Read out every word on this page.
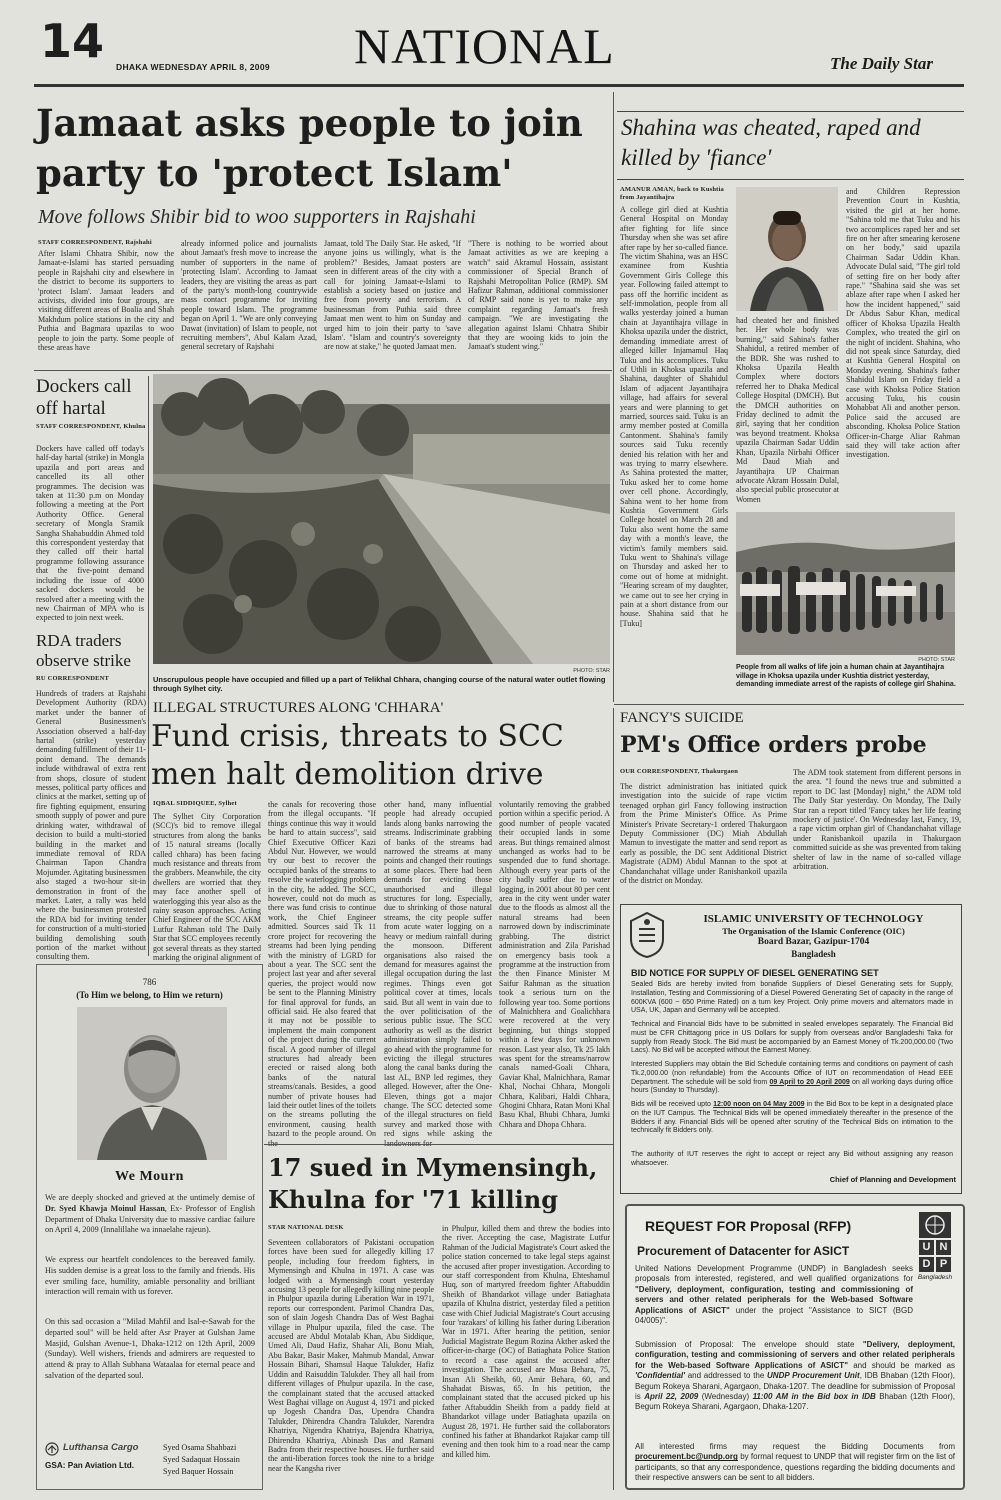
14 DHAKA WEDNESDAY APRIL 8, 2009 NATIONAL	The Daily Star
Jamaat asks people to join party to 'protect Islam'
Move follows Shibir bid to woo supporters in Rajshahi
STAFF CORRESPONDENT, Rajshahi
After Islami Chhatra Shibir, now the Jamaat-e-Islami has started persuading people in Rajshahi city and elsewhere in the district to become its supporters to 'protect Islam'. Jamaat leaders and activists, divided into four groups, are visiting different areas of Boalia and Shah Makhdum police stations in the city and Puthia and Bagmara upazilas to woo people to join the party. Some people of these areas have
already informed police and journalists about Jamaat's fresh move to increase the number of supporters in the name of 'protecting Islam'. According to Jamaat leaders, they are visiting the areas as part of the party's month-long countrywide mass contact programme for inviting people toward Islam. The programme began on April 1. "We are only conveying Dawat (invitation) of Islam to people, not recruiting members", Abul Kalam Azad, general secretary of Rajshahi
Jamaat, told The Daily Star. He asked, "If anyone joins us willingly, what is the problem?" Besides, Jamaat posters are seen in different areas of the city with a call for joining Jamaat-e-Islami to establish a society based on justice and free from poverty and terrorism. A businessman from Puthia said three Jamaat men went to him on Sunday and urged him to join their party to 'save Islam'. "Islam and country's sovereignty are now at stake," he quoted Jamaat men.
"There is nothing to be worried about Jamaat activities as we are keeping a watch" said Akramul Hossain, assistant commissioner of Special Branch of Rajshahi Metropolitan Police (RMP). SM Hafizur Rahman, additional commissioner of RMP said none is yet to make any complaint regarding Jamaat's fresh campaign. "We are investigating the allegation against Islami Chhatra Shibir that they are wooing kids to join the Jamaat's student wing."
Shahina was cheated, raped and killed by 'fiance'
AMANUR AMAN, back to Kushtia from Jayantihajra
A college girl died at Kushtia General Hospital on Monday after fighting for life since Thursday when she was set afire after rape by her so-called fiance. The victim Shahina, was an HSC examinee from Kushtia Government Girls College this year. Following failed attempt to pass off the horrific incident as self-immolation, people from all walks yesterday joined a human chain at Jayantihajra village in Khoksa upazila under the district, demanding immediate arrest of alleged killer Injamamul Haq Tuku and his accomplices. Tuku of Uthli in Khoksa upazila and Shahina, daughter of Shahidul Islam of adjacent Jayantihajra village, had affairs for several years and were planning to get married, sources said. Tuku is an army member posted at Comilla Cantonment. Shahina's family sources said Tuku recently denied his relation with her and was trying to marry elsewhere. As Sahina protested the matter, Tuku asked her to come home over cell phone. Accordingly, Sahina went to her home from Kushtia Government Girls College hostel on March 28 and Tuku also went home the same day with a month's leave, the victim's family members said. Tuku went to Shahina's village on Thursday and asked her to come out of home at midnight. "Hearing scream of my daughter, we came out to see her crying in pain at a short distance from our house. Shahina said that he [Tuku]
had cheated her and finished her. Her whole body was burning," said Sahina's father Shahidul, a retired member of the BDR. She was rushed to Khoksa Upazila Health Complex where doctors referred her to Dhaka Medical College Hospital (DMCH). But the DMCH authorities on Friday declined to admit the girl, saying that her condition was beyond treatment. Khoksa upazila Chairman Sadar Uddin Khan, Upazila Nirbahi Officer Md Daud Miah and Jayantihajra UP Chairman advocate Akram Hossain Dulal, also special public prosecutor at Women
and Children Repression Prevention Court in Kushtia, visited the girl at her home. "Sahina told me that Tuku and his two accomplices raped her and set fire on her after smearing kerosene on her body," said upazila Chairman Sadar Uddin Khan. Advocate Dulal said, "The girl told of setting fire on her body after rape." "Shahina said she was set ablaze after rape when I asked her how the incident happened," said Dr Abdus Sabur Khan, medical officer of Khoksa Upazila Health Complex, who treated the girl on the night of incident. Shahina, who did not speak since Saturday, died at Kushtia General Hospital on Monday evening. Shahina's father Shahidul Islam on Friday field a case with Khoksa Police Station accusing Tuku, his cousin Mohabbat Ali and another person. Police said the accused are absconding. Khoksa Police Station Officer-in-Charge Aliar Rahman said they will take action after investigation.
PHOTO: STAR
People from all walks of life join a human chain at Jayantihajra village in Khoksa upazila under Kushtia district yesterday, demanding immediate arrest of the rapists of college girl Shahina.
Dockers call off hartal
STAFF CORRESPONDENT, Khulna
Dockers have called off today's half-day hartal (strike) in Mongla upazila and port areas and cancelled its all other programmes. The decision was taken at 11:30 p.m on Monday following a meeting at the Port Authority Office. General secretary of Mongla Sramik Sangha Shahabuddin Ahmed told this correspondent yesterday that they called off their hartal programme following assurance that the five-point demand including the issue of 4000 sacked dockers would be resolved after a meeting with the new Chairman of MPA who is expected to join next week.
RDA traders observe strike
RU CORRESPONDENT
Hundreds of traders at Rajshahi Development Authority (RDA) market under the banner of General Businessmen's Association observed a half-day hartal (strike) yesterday demanding fulfillment of their 11-point demand. The demands include withdrawal of extra rent from shops, closure of student messes, political party offices and clinics at the market, setting up of fire fighting equipment, ensuring smooth supply of power and pure drinking water, withdrawal of decision to build a multi-storied building in the market and immediate removal of RDA Chairman Tapon Chandra Mojumder. Agitating businessmen also staged a two-hour sit-in demonstration in front of the market. Later, a rally was held where the businessmen protested the RDA bid for inviting tender for construction of a multi-storied building demolishing south portion of the market without consulting them.
PHOTO: STAR
Unscrupulous people have occupied and filled up a part of Telikhal Chhara, changing course of the natural water outlet flowing through Sylhet city.
ILLEGAL STRUCTURES ALONG 'CHHARA'
Fund crisis, threats to SCC men halt demolition drive
IQBAL SIDDIQUEE, Sylhet
The Sylhet City Corporation (SCC)'s bid to remove illegal structures from along the banks of 15 natural streams (locally called chhara) has been facing much resistance and threats from the grabbers. Meanwhile, the city dwellers are worried that they may face another spell of waterlogging this year also as the rainy season approaches. Acting Chief Engineer of the SCC AKM Lutfur Rahman told The Daily Star that SCC employees recently got several threats as they started marking the original alignment of
the canals for recovering those from the illegal occupants. "If things continue this way it would be hard to attain success", said Chief Executive Officer Kazi Abdul Nur. However, we would try our best to recover the occupied banks of the streams to resolve the waterlogging problem in the city, he added. The SCC, however, could not do much as there was fund crisis to continue work, the Chief Engineer admitted. Sources said Tk 11 crore project for recovering the streams had been lying pending with the ministry of LGRD for about a year. The SCC sent the project last year and after several queries, the project would now be sent to the Planning Ministry for final approval for funds, an official said. He also feared that it may not be possible to implement the main component of the project during the current fiscal. A good number of illegal structures had already been erected or raised along both banks of the natural streams/canals. Besides, a good number of private houses had laid their outlet lines of the toilets on the streams polluting the environment, causing health hazard to the people around. On
other hand, many influential people had already occupied lands along banks narrowing the streams. Indiscriminate grabbing of banks of the streams had narrowed the streams at many points and changed their routings at some places. There had been demands for evicting those unauthorised and illegal structures for long. Especially, due to shrinking of those natural streams, the city people suffer from acute water logging on a heavy or medium rainfall during the monsoon. Different organisations also raised the demand for measures against the illegal occupation during the last regimes. Things even got political cover at times, locals said. But all went in vain due to the over politicisation of the serious public issue. The SCC authority as well as the district administration simply failed to go ahead with the programme for evicting the illegal structures along the canal banks during the last AL, BNP led regimes, they alleged. However, after the One-Eleven, things got a major change. The SCC detected some of the illegal structures on field survey and marked those with red signs while asking the
voluntarily removing the grabbed portion within a specific period. A good number of people vacated their occupied lands in some areas. But things remained almost unchanged as works had to be suspended due to fund shortage. Although every year parts of the city badly suffer due to water logging, in 2001 about 80 per cent area in the city went under water due to the floods as almost all the natural streams had been narrowed down by indiscriminate grabbing. The district administration and Zila Parishad on emergency basis took a programme at the instruction from the then Finance Minister M Saifur Rahman as the situation took a serious turn on the following year too. Some portions of Malnichhera and Goalichhara were recovered at the very beginning, but things stopped within a few days for unknown reason. Last year also, Tk 25 lakh was spent for the streams/narrow canals named-Goali Chhara, Gaviar Khal, Malnichhara, Ramar Khal, Nochai Chhara, Mongoli Chhara, Kalibari, Haldi Chhara, Ghogini Chhara, Ratan Moni Khal Basu Khal, Bhubi Chhara, Jumki Chhara and Dhopa Chhara.
FANCY'S SUICIDE
PM's Office orders probe
OUR CORRESPONDENT, Thakurgaon
The district administration has initiated quick investigation into the suicide of rape victim teenaged orphan girl Fancy following instruction from the Prime Minister's Office. As Prime Minister's Private Secretary-1 ordered Thakurgaon Deputy Commissioner (DC) Miah Abdullah Mamun to investigate the matter and send report as early as possible, the DC sent Additional District Magistrate (ADM) Abdul Mannan to the spot at Chandanchahat village under Ranishankoil upazila of the district on Monday.
The ADM took statement from different persons in the area. "I found the news true and submitted a report to DC last [Monday] night," the ADM told The Daily Star yesterday. On Monday, The Daily Star ran a report titled 'Fancy takes her life fearing mockery of justice'. On Wednesday last, Fancy, 19, a rape victim orphan girl of Chandanchahat village under Ranisbankoil upazila in Thakurgaon committed suicide as she was prevented from taking shelter of law in the name of so-called village arbitration.
ISLAMIC UNIVERSITY OF TECHNOLOGY
The Organisation of the Islamic Conference (OIC)
Board Bazar, Gazipur-1704
Bangladesh
BID NOTICE FOR SUPPLY OF DIESEL GENERATING SET
Sealed Bids are hereby invited from bonafide Suppliers of Diesel Generating sets for Supply, Installation, Testing and Commissioning of a Diesel Powered Generating Set of capacity in the range of 600KVA (600 ~ 650 Prime Rated) on a turn key Project. Only prime movers and alternators made in USA, UK, Japan and Germany will be accepted.
Technical and Financial Bids have to be submitted in sealed envelopes separately. The Financial Bid must be CFR Chittagong price in US Dollars for supply from overseas and/or Bangladeshi Taka for supply from Ready Stock. The Bid must be accompanied by an Earnest Money of Tk.200,000.00 (Two Lacs). No Bid will be accepted without the Earnest Money.
Interested Suppliers may obtain the Bid Schedule containing terms and conditions on payment of cash Tk.2,000.00 (non refundable) from the Accounts Office of IUT on recommendation of Head EEE Department. The schedule will be sold from 09 April to 20 April 2009 on all working days during office hours (Sunday to Thursday).
Bids will be received upto 12:00 noon on 04 May 2009 in the Bid Box to be kept in a designated place on the IUT Campus. The Technical Bids will be opened immediately thereafter in the presence of the Bidders if any. Financial Bids will be opened after scrutiny of the Technical Bids on intimation to the technically fit Bidders only.
The authority of IUT reserves the right to accept or reject any Bid without assigning any reason whatsoever.
Chief of Planning and Development
REQUEST FOR Proposal (RFP)
Procurement of Datacenter for ASICT	U N
D P
Bangladesh
United Nations Development Programme (UNDP) in Bangladesh seeks proposals from interested, registered, and well qualified organizations for "Delivery, deployment, configuration, testing and commissioning of servers and other related peripherals for the Web-based Software Applications of ASICT" under the project "Assistance to SICT (BGD 04/005)".
Submission of Proposal: The envelope should state "Delivery, deployment, configuration, testing and commissioning of servers and other related peripherals for the Web-based Software Applications of ASICT" and should be marked as 'Confidential' and addressed to the UNDP Procurement Unit, IDB Bhaban (12th Floor), Begum Rokeya Sharani, Agargaon, Dhaka-1207. The deadline for submission of Proposal is April 22, 2009 (Wednesday) 11:00 AM in the Bid box in IDB Bhaban (12th Floor), Begum Rokeya Sharani, Agargaon, Dhaka-1207.
All interested firms may request the Bidding Documents from procurement.bc@undp.org by formal request to UNDP that will register firm on the list of participants, so that any correspondence, questions regarding the bidding documents and their respective answers can be sent to all bidders.
786
(To Him we belong, to Him we return)
We Mourn
We are deeply shocked and grieved at the untimely demise of Dr. Syed Khawja Moinul Hassan, Ex- Professor of English Department of Dhaka University due to massive cardiac failure on April 4, 2009 (Innalillahe wa innaelahe rajeun).
We express our heartfelt condolences to the bereaved family. His sudden demise is a great loss to the family and friends. His ever smiling face, humility, amiable personality and brilliant interaction will remain with us forever.
On this sad occasion a "Milad Mahfil and Isal-e-Sawab for the departed soul" will be held after Asr Prayer at Gulshan Jame Masjid, Gulshan Avenue-1, Dhaka-1212 on 12th April, 2009 (Sunday). Well wishers, friends and admirers are requested to attend & pray to Allah Subhana Wataalaa for eternal peace and salvation of the departed soul.
Lufthansa Cargo
GSA: Pan Aviation Ltd.
Syed Osama Shahbazi
Syed Sadaquat Hossain
Syed Baquer Hossain
17 sued in Mymensingh, Khulna for '71 killing
STAR NATIONAL DESK
Seventeen collaborators of Pakistani occupation forces have been sued for allegedly killing 17 people, including four freedom fighters, in Mymensingh and Khulna in 1971. A case was lodged with a Mymensingh court yesterday accusing 13 people for allegedly killing nine people in Phulpur upazila during Liberation War in 1971, reports our correspondent. Parimol Chandra Das, son of slain Jogesh Chandra Das of West Baghai village in Phulpur upazila, filed the case. The accused are Abdul Motalab Khan, Abu Siddique, Umed Ali, Daud Hafiz, Shahar Ali, Bonu Miah, Abu Bakar, Basir Maker, Mahmub Mandal, Anwar Hossain Bihari, Shamsul Haque Talukder, Hafiz Uddin and Raisuddin Talukder. They all hail from different villages of Phulpur upazila. In the case, the complainant stated that the accused attacked West Baghai village on August 4, 1971 and picked up Jogesh Chandra Das, Upendra Chandra Talukder, Dhirendra Chandra Talukder, Narendra Khatriya, Nigendra Khatriya, Bajendra Khatriya, Dhirendra Khatriya, Abinash Das and Ramani Badra from their respective houses. He further said the anti-liberation forces took the nine to a bridge near the Kangsha river
in Phulpur, killed them and threw the bodies into the river. Accepting the case, Magistrate Lutfur Rahman of the Judicial Magistrate's Court asked the police station concerned to take legal steps against the accused after proper investigation. According to our staff correspondent from Khulna, Ehteshamul Huq, son of martyred freedom fighter Aftabuddin Sheikh of Bhandarkot village under Batiaghata upazila of Khulna district, yesterday filed a petition case with Chief Judicial Magistrate's Court accusing four 'razakars' of killing his father during Liberation War in 1971. After hearing the petition, senior Judicial Magistrate Begum Rozina Akther asked the officer-in-charge (OC) of Batiaghata Police Station to record a case against the accused after investigation. The accused are Musa Behara, 75, Insan Ali Sheikh, 60, Amir Behara, 60, and Shahadat Biswas, 65. In his petition, the complainant stated that the accused picked up his father Aftabuddin Sheikh from a paddy field at Bhandarkot village under Batiaghata upazila on August 28, 1971. He further said the collaborators confined his father at Bhandarkot Rajakar camp till evening and then took him to a road near the camp and killed him.
